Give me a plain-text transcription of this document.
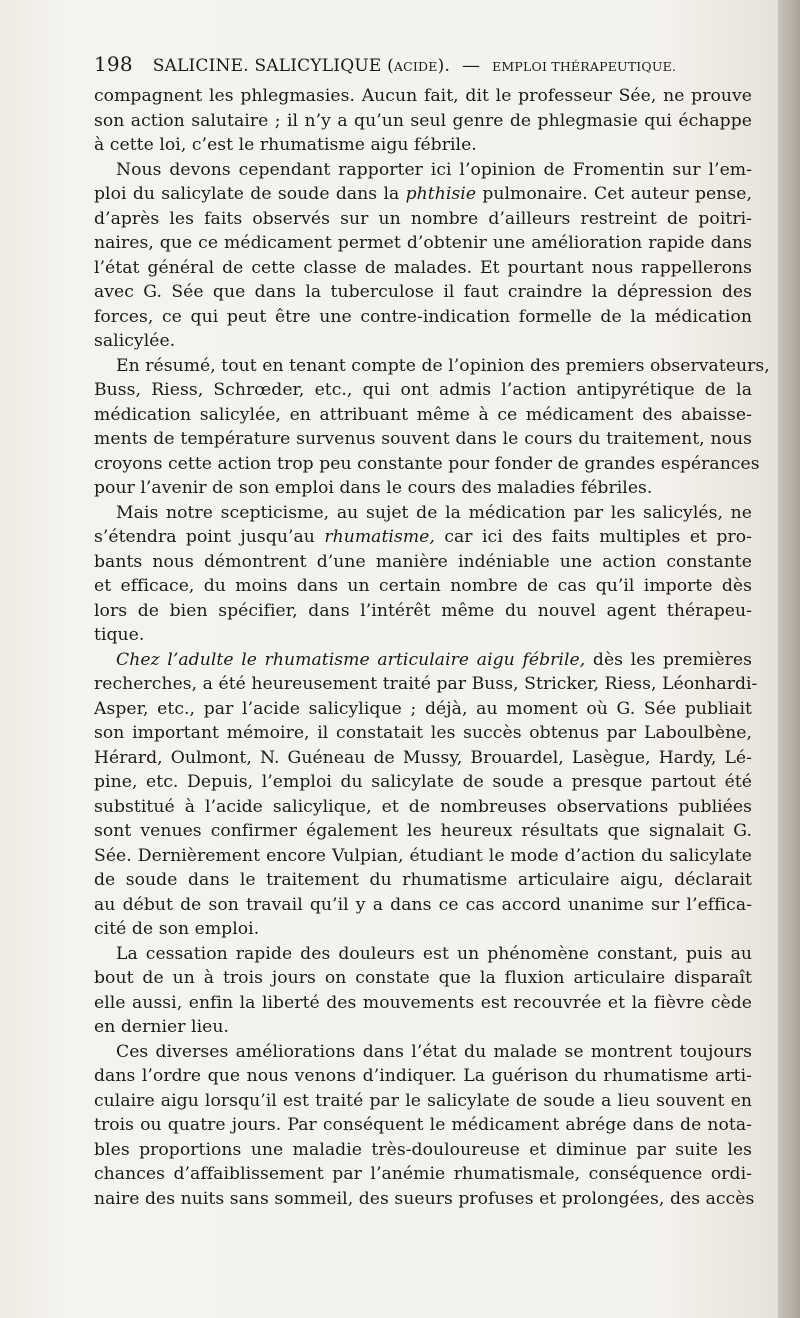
198 SALICINE. SALICYLIQUE (ACIDE). — EMPLOI THÉRAPEUTIQUE.
compagnent les phlegmasies. Aucun fait, dit le professeur Sée, ne prouve
son action salutaire ; il n’y a qu’un seul genre de phlegmasie qui échappe
à cette loi, c’est le rhumatisme aigu fébrile.
Nous devons cependant rapporter ici l’opinion de Fromentin sur l’em-
ploi du salicylate de soude dans la phthisie pulmonaire. Cet auteur pense,
d’après les faits observés sur un nombre d’ailleurs restreint de poitri-
naires, que ce médicament permet d’obtenir une amélioration rapide dans
l’état général de cette classe de malades. Et pourtant nous rappellerons
avec G. Sée que dans la tuberculose il faut craindre la dépression des
forces, ce qui peut être une contre-indication formelle de la médication
salicylée.
En résumé, tout en tenant compte de l’opinion des premiers observateurs,
Buss, Riess, Schrœder, etc., qui ont admis l’action antipyrétique de la
médication salicylée, en attribuant même à ce médicament des abaisse-
ments de température survenus souvent dans le cours du traitement, nous
croyons cette action trop peu constante pour fonder de grandes espérances
pour l’avenir de son emploi dans le cours des maladies fébriles.
Mais notre scepticisme, au sujet de la médication par les salicylés, ne
s’étendra point jusqu’au rhumatisme, car ici des faits multiples et pro-
bants nous démontrent d’une manière indéniable une action constante
et efficace, du moins dans un certain nombre de cas qu’il importe dès
lors de bien spécifier, dans l’intérêt même du nouvel agent thérapeu-
tique.
Chez l’adulte le rhumatisme articulaire aigu fébrile, dès les premières
recherches, a été heureusement traité par Buss, Stricker, Riess, Léonhardi-
Asper, etc., par l’acide salicylique ; déjà, au moment où G. Sée publiait
son important mémoire, il constatait les succès obtenus par Laboulbène,
Hérard, Oulmont, N. Guéneau de Mussy, Brouardel, Lasègue, Hardy, Lé-
pine, etc. Depuis, l’emploi du salicylate de soude a presque partout été
substitué à l’acide salicylique, et de nombreuses observations publiées
sont venues confirmer également les heureux résultats que signalait G.
Sée. Dernièrement encore Vulpian, étudiant le mode d’action du salicylate
de soude dans le traitement du rhumatisme articulaire aigu, déclarait
au début de son travail qu’il y a dans ce cas accord unanime sur l’effica-
cité de son emploi.
La cessation rapide des douleurs est un phénomène constant, puis au
bout de un à trois jours on constate que la fluxion articulaire disparaît
elle aussi, enfin la liberté des mouvements est recouvrée et la fièvre cède
en dernier lieu.
Ces diverses améliorations dans l’état du malade se montrent toujours
dans l’ordre que nous venons d’indiquer. La guérison du rhumatisme arti-
culaire aigu lorsqu’il est traité par le salicylate de soude a lieu souvent en
trois ou quatre jours. Par conséquent le médicament abrége dans de nota-
bles proportions une maladie très-douloureuse et diminue par suite les
chances d’affaiblissement par l’anémie rhumatismale, conséquence ordi-
naire des nuits sans sommeil, des sueurs profuses et prolongées, des accès
